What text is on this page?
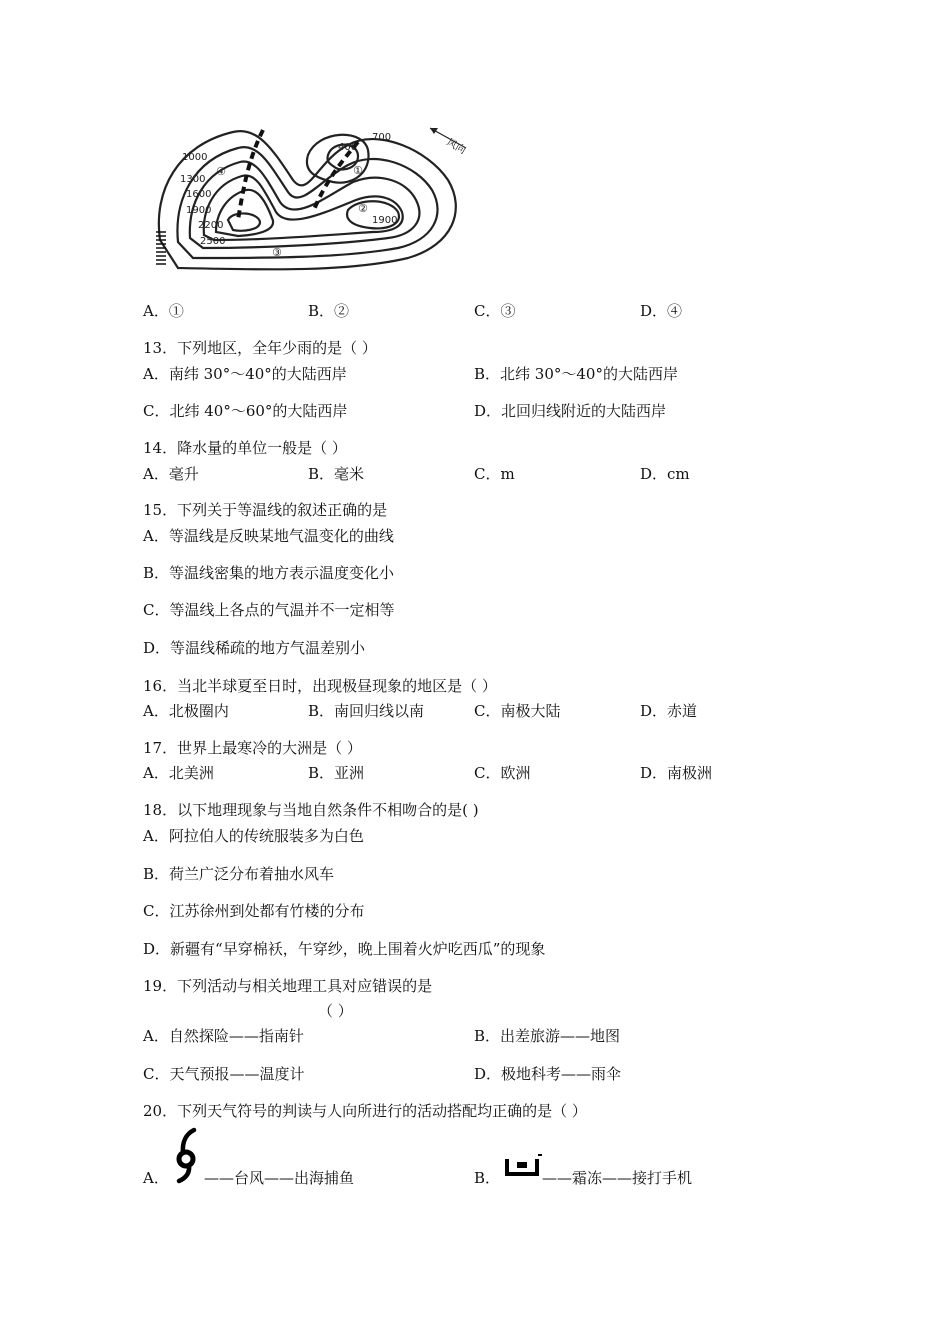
1000
1300
1600
1900
2200
2500
700
400
1900
④	①
②
③
风向
A．①	B．②	C．③	D．④
13．下列地区，全年少雨的是（ ）
A．南纬 30°～40°的大陆西岸	B．北纬 30°～40°的大陆西岸
C．北纬 40°～60°的大陆西岸	D．北回归线附近的大陆西岸
14．降水量的单位一般是（ ）
A．毫升	B．毫米	C．m	D．cm
15．下列关于等温线的叙述正确的是
A．等温线是反映某地气温变化的曲线
B．等温线密集的地方表示温度变化小
C．等温线上各点的气温并不一定相等
D．等温线稀疏的地方气温差别小
16．当北半球夏至日时，出现极昼现象的地区是（ ）
A．北极圈内	B．南回归线以南	C．南极大陆	D．赤道
17．世界上最寒冷的大洲是（ ）
A．北美洲	B．亚洲	C．欧洲	D．南极洲
18．以下地理现象与当地自然条件不相吻合的是( )
A．阿拉伯人的传统服装多为白色
B．荷兰广泛分布着抽水风车
C．江苏徐州到处都有竹楼的分布
D．新疆有“早穿棉袄，午穿纱，晚上围着火炉吃西瓜”的现象
19．下列活动与相关地理工具对应错误的是
（ ）
A．自然探险——指南针	B．出差旅游——地图
C．天气预报——温度计	D．极地科考——雨伞
20．下列天气符号的判读与人向所进行的活动搭配均正确的是（ ）
A． ——台风——出海捕鱼	B．	——霜冻——接打手机
